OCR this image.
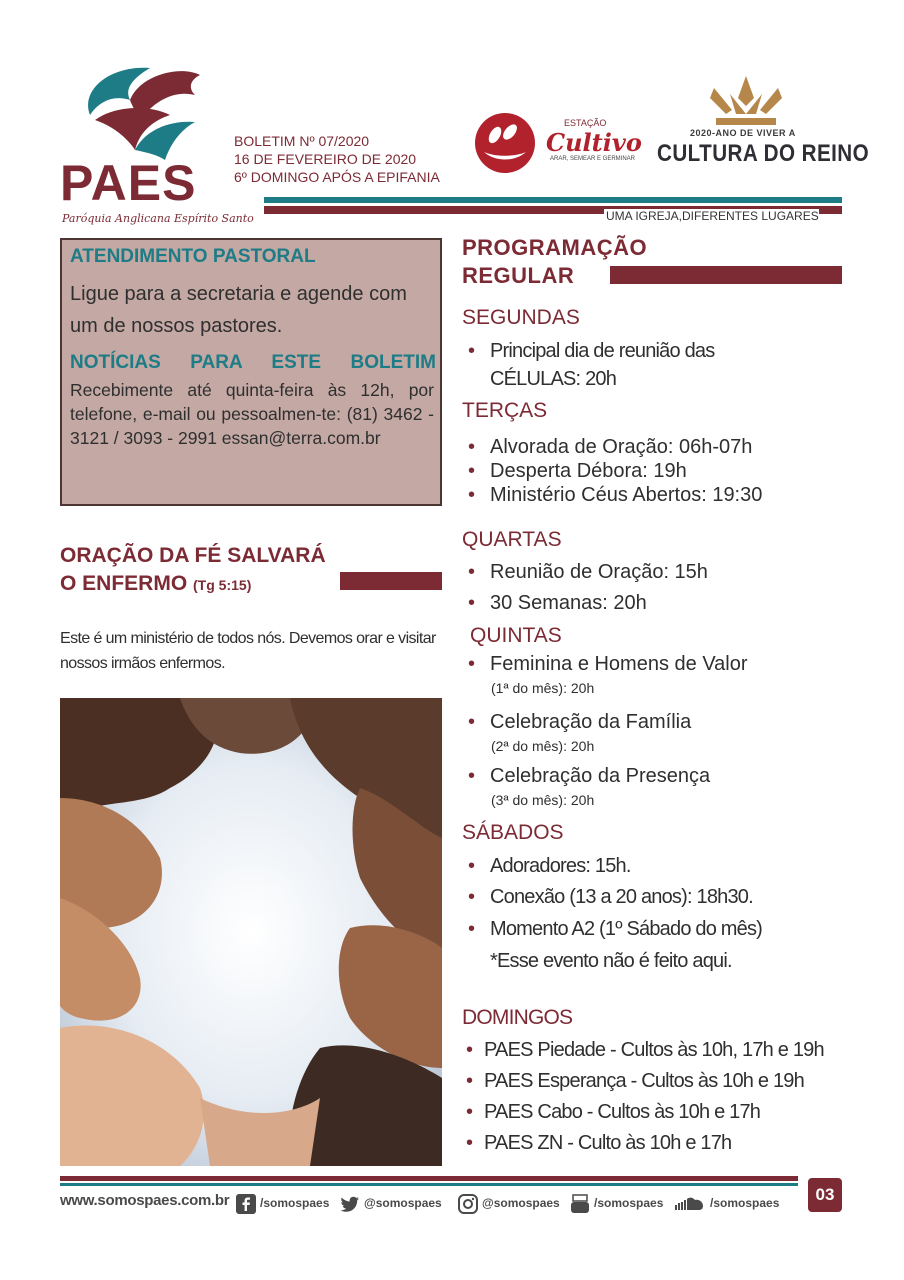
PAES
Paróquia Anglicana Espírito Santo
BOLETIM Nº 07/2020
16 DE FEVEREIRO DE 2020
6º DOMINGO APÓS A EPIFANIA
ESTAÇÃO
Cultivo
ARAR, SEMEAR E GERMINAR
2020-ANO DE VIVER A
CULTURA DO REINO
UMA IGREJA,DIFERENTES LUGARES
ATENDIMENTO PASTORAL
Ligue para a secretaria e agende com um de nossos pastores.
NOTÍCIAS PARA ESTE BOLETIM
Recebimente até quinta-feira às 12h, por telefone, e-mail ou pessoalmen-te: (81) 3462 - 3121 / 3093 - 2991 essan@terra.com.br
ORAÇÃO DA FÉ SALVARÁ
O ENFERMO (Tg 5:15)
Este é um ministério de todos nós. Devemos orar e visitar nossos irmãos enfermos.
PROGRAMAÇÃO
REGULAR
SEGUNDAS
• Principal dia de reunião das
CÉLULAS: 20h
TERÇAS
• Alvorada de Oração: 06h-07h
• Desperta Débora: 19h
• Ministério Céus Abertos: 19:30
QUARTAS
• Reunião de Oração: 15h
• 30 Semanas: 20h
QUINTAS
• Feminina e Homens de Valor
(1ª do mês): 20h
• Celebração da Família
(2ª do mês): 20h
• Celebração da Presença
(3ª do mês): 20h
SÁBADOS
• Adoradores: 15h.
• Conexão (13 a 20 anos): 18h30.
• Momento A2 (1º Sábado do mês)
*Esse evento não é feito aqui.
DOMINGOS
• PAES Piedade - Cultos às 10h, 17h e 19h
• PAES Esperança - Cultos às 10h e 19h
• PAES Cabo - Cultos às 10h e 17h
• PAES ZN - Culto às 10h e 17h
03
www.somospaes.com.br	/somospaes	@somospaes	@somospaes	/somospaes	/somospaes
